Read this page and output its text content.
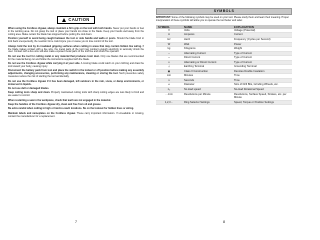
CAUTION

When using the Cordless Jigsaw, always maintain a firm grip on the tool with both hands. Never put your hands or feet in the working area. Do not grasp the tool or place your hands too close to the blade. Keep your hands well away from the cutting area. Make certain the blade has stopped before putting the tool down.

Position yourself to avoid being caught between the tool or side handle and walls or posts. Should the blade bind or kick back unexpectedly, the reaction force could injure you or cause you to lose control of the tool.

Always hold the tool by its insulated gripping surfaces when cutting in areas that may contain hidden live wiring. If the blade makes contact with a live wire, the metal parts of the tool may conduct enough electricity to seriously shock the user. Contact with a live wire will also make exposed metal parts of the tool live and shock the operator.

Do not use the tool for cutting metal or any material that produces toxic dust. Only use blades that are recommended for the material being cut and follow the instructions supplied with the blade.

Do not use the Cordless Jigsaw while carrying it at your side. A moving blade could catch on your clothing and draw the tool toward your body, causing injury.

Disconnect the battery pack from tool and place the switch in the locked or off position before making any assembly adjustments, changing accessories, performing any maintenance, cleaning or storing the tool. Such preventive safety measures reduce the risk of starting the tool accidentally.

Do not use the Cordless Jigsaw if it has been damaged, left outdoors in the rain, snow, or damp environments, or immersed in liquids.

Do not use dull or damaged blades.

Keep cutting tools sharp and clean. Properly maintained cutting tools with sharp cutting edges are less likely to bind and are easier to control.

When restarting a saw in the workpiece, check that teeth are not engaged in the material.

Keep the handles of the Cordless Jigsaw dry, clean and free from oil and grease.

Be extra careful when cutting in high or hard-to-reach locations. Be on the lookout for hidden lines or wiring.

Maintain labels and nameplates on the Cordless Jigsaw. These carry important information. If unreadable or missing, contact the manufacturer for a replacement.

7
SYMBOLS

IMPORTANT: Some of the following symbols may be used on your tool. Please study them and learn their meaning. Proper interpretation of these symbols will allow you to operate the tool better and safer.

SYMBOL	NAME	EXPLANATION
V	Volts	Voltage (Potential)
A	Amperes	Current
Hz	Hertz	Frequency (Cycles per Second)
W	Watt	Power
kg	Kilograms	Weight
~	Alternating Current	Type of Current
⎓	Direct Current	Type of Current
≂	Alternating or Direct Current	Type of Current
⏚	Earthing Terminal	Grounding Terminal
▣	Class II Construction	Denotes Double Insulation
min	Minutes	Time
s	Seconds	Time
⌀	Diameter	Size of Drill Bits, Grinding Wheels, etc.
n₀	No load speed	No-load Rotational Speed
…/min	Revolutions per Minute	Revolutions, Surface Speed, Strokes, etc. per Minute
1,2,3…	Ring Selector Settings	Speed, Torque or Position Settings
8
